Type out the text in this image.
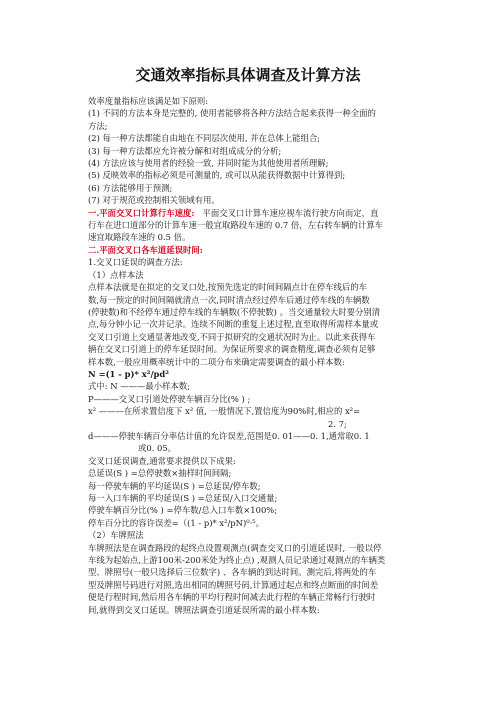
交通效率指标具体调查及计算方法

效率度量指标应该满足如下原则:

(1) 不同的方法本身是完整的, 使用者能够将各种方法结合起来获得一种全面的

方法;

(2) 每一种方法都能自由地在不同层次使用, 并在总体上能组合;

(3) 每一种方法都应允许被分解和对组成成分的分析;

(4) 方法应该与使用者的经验一致, 并同时能为其他使用者所理解;

(5) 反映效率的指标必须是可测量的, 或可以从能获得数据中计算得到;

(6) 方法能够用于预测;

(7) 对于规范或控制相关领域有用。

一.平面交叉口计算行车速度: 平面交叉口计算车速应视车流行驶方向而定，直

行车在进口道部分的计算车速一般宜取路段车速的 0.7 倍，左右转车辆的计算车

速宜取路段车速的 0.5 倍。

二.平面交叉口各车道延误时间:

1.交叉口延误的调查方法:

（1）点样本法

点样本法就是在拟定的交叉口处,按预先选定的时间间隔点计在停车线后的车

数,每一预定的时间间隔就清点一次,同时清点经过停车后通过停车线的车辆数

(停驶数)和不经停车通过停车线的车辆数(不停驶数) 。当交通量较大时要分别清

点,每分钟小记一次并记录。连续不间断的重复上述过程,直至取得所需样本量或

交叉口引道上交通显著地改变,不同于拟研究的交通状况时为止。以此来获得车

辆在交叉口引道上的停车延误时间。为保证所要求的调查精度,调查必须有足够

样本数,一般应用概率统计中的二项分布来确定需要调查的最小样本数:

N =(1 - p)* x²/pd²

式中: N ———最小样本数;

P———交叉口引道处停驶车辆百分比(% ) ;

x² ———在所求置信度下 x² 值, 一般情况下,置信度为90%时,相应的 x²=

2. 7;

d———停驶车辆百分率估计值的允许误差,范围是0. 01——0. 1,通常取0. 1

或0. 05。

交叉口延误调查,通常要求提供以下成果:

总延误(S ) =总停驶数×抽样时间间隔;

每一停驶车辆的平均延误(S ) =总延误/停车数;

每一入口车辆的平均延误(S ) =总延误/入口交通量;

停驶车辆百分比(% ) =停车数/总入口车数×100%;

停车百分比的容许误差=（(1 - p)* x²/pN)⁰·⁵。

（2）车牌照法

车牌照法是在调查路段的起终点设置观测点(调查交叉口的引道延误时, 一般以停

车线为起始点,上游100米-200米处为终止点) ,观测人员记录通过观测点的车辆类

型、牌照号(一般只选择后三位数字) 、各车辆的到达时间。测完后,将两处的车

型及牌照号码进行对照,选出相同的牌照号码,计算通过起点和终点断面的时间差

便是行程时间,然后用各车辆的平均行程时间减去此行程的车辆正常畅行行驶时

间,就得到交叉口延误。牌照法调查引道延误所需的最小样本数:
